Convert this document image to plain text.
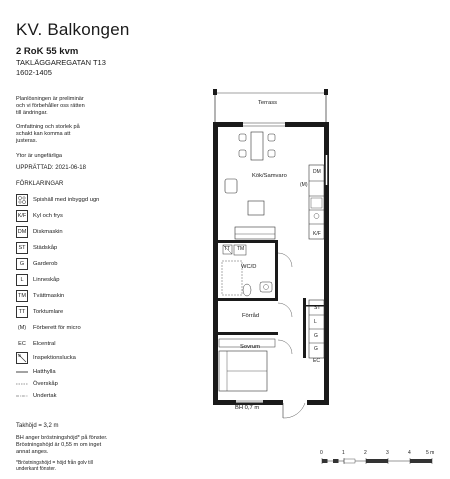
KV. Balkongen
2 RoK 55 kvm
TAKLÄGGAREGATAN T13
1602-1405
Planlösningen är preliminär
och vi förbehåller oss rätten
till ändringar.
Omfattning och storlek på
schakt kan komma att
justeras.
Ytor är ungefärliga
UPPRÄTTAD: 2021-06-18
FÖRKLARINGAR
Spishäll med inbyggd ugn
K/F Kyl och frys
DM Diskmaskin
ST	Städskåp
G	Garderob
L	Linneskåp
TM	Tvättmaskin
TT	Torktumlare
(M)	Förberett för micro
EC	Elcentral
Inspektionslucka
Hatthylla
Överskåp
Undertak
Takhöjd = 3,2 m
BH anger bröstningshöjd* på fönster.
Bröstningshöjd är 0,55 m om inget
annat anges.
*Bröstningshöjd = höjd från golv till
underkant fönster.
Terrass
Kök/Samvaro
WC/D
Förråd
Sovrum
BH 0,7 m
DM
(M)
K/F
TT TM
ST
L
G
G
EC
0	1	2	3	4	5 m
